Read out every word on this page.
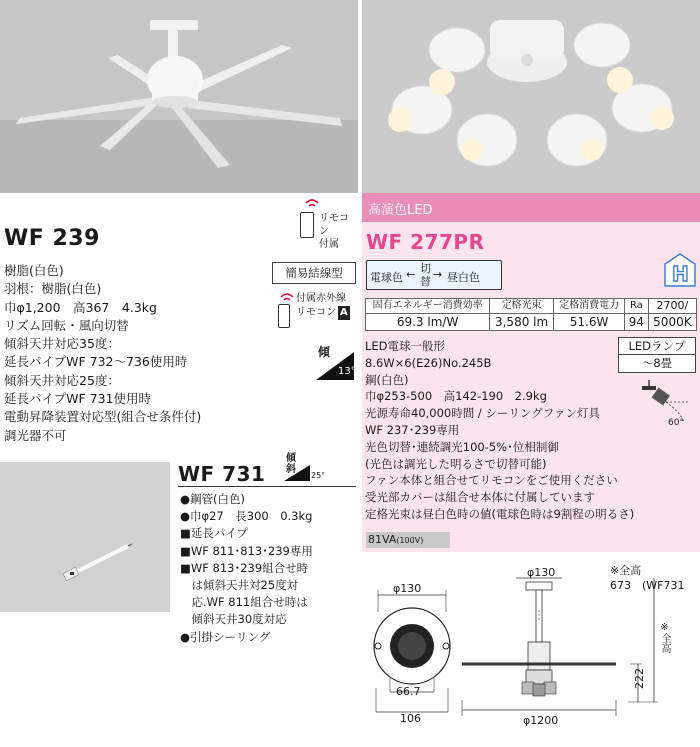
WF 239
リモコン
付属
樹脂(白色)
羽根：樹脂(白色)
巾φ1,200　高367　4.3kg
リズム回転・風向切替
傾斜天井対応35度：
延長パイプWF 732～736使用時
傾斜天井対応25度：
延長パイプWF 731使用時
電動昇降装置対応型(組合せ条件付)
調光器不可
簡易結線型
付属赤外線
リモコン A
傾
13°
WF 731
傾斜
25°
●鋼管(白色)
●巾φ27　長300　0.3kg
■延長パイプ
■WF 811･813･239専用
■WF 813･239組合せ時
　は傾斜天井対25度対
　応.WF 811組合せ時は
　傾斜天井30度対応
●引掛シーリング
高演色LED
WF 277PR
電球色 ← 切
替
→ 昼白色	H
固有エネルギー消費効率	定格光束	定格消費電力	Ra	2700/
69.3 lm/W	3,580 lm	51.6W	94	5000K
LEDランプ
～8畳
60°
LED電球一般形
8.6W×6(E26)No.245B
鋼(白色)
巾φ253-500　高142-190　2.9kg
光源寿命40,000時間 / シーリングファン灯具
WF 237･239専用
光色切替･連続調光100-5%･位相制御
(光色は調光した明るさで切替可能)
ファン本体と組合せてリモコンをご使用ください
受光部カバーは組合せ本体に付属しています
定格光束は昼白色時の値(電球色時は9割程の明るさ)
81VA(100V)
φ130
66.7
106
φ130	※全高
673　(WF731
※全高
222
φ1200
